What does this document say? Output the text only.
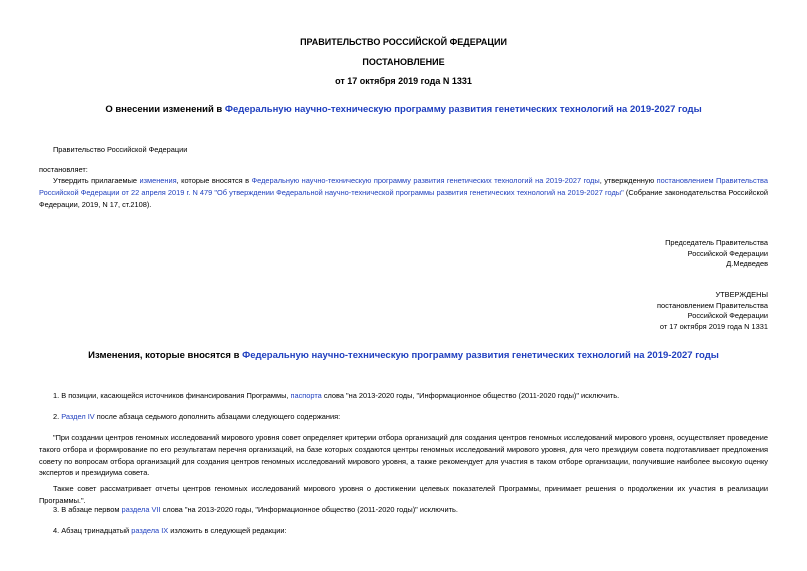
ПРАВИТЕЛЬСТВО РОССИЙСКОЙ ФЕДЕРАЦИИ
ПОСТАНОВЛЕНИЕ
от 17 октября 2019 года N 1331
О внесении изменений в Федеральную научно-техническую программу развития генетических технологий на 2019-2027 годы
Правительство Российской Федерации
постановляет:
Утвердить прилагаемые изменения, которые вносятся в Федеральную научно-техническую программу развития генетических технологий на 2019-2027 годы, утвержденную постановлением Правительства Российской Федерации от 22 апреля 2019 г. N 479 "Об утверждении Федеральной научно-технической программы развития генетических технологий на 2019-2027 годы" (Собрание законодательства Российской Федерации, 2019, N 17, ст.2108).
Председатель Правительства
Российской Федерации
Д.Медведев
УТВЕРЖДЕНЫ
постановлением Правительства
Российской Федерации
от 17 октября 2019 года N 1331
Изменения, которые вносятся в Федеральную научно-техническую программу развития генетических технологий на 2019-2027 годы
1. В позиции, касающейся источников финансирования Программы, паспорта слова "на 2013-2020 годы, "Информационное общество (2011-2020 годы)" исключить.
2. Раздел IV после абзаца седьмого дополнить абзацами следующего содержания:
"При создании центров геномных исследований мирового уровня совет определяет критерии отбора организаций для создания центров геномных исследований мирового уровня, осуществляет проведение такого отбора и формирование по его результатам перечня организаций, на базе которых создаются центры геномных исследований мирового уровня, для чего президиум совета подготавливает предложения совету по вопросам отбора организаций для создания центров геномных исследований мирового уровня, а также рекомендует для участия в таком отборе организации, получившие наиболее высокую оценку экспертов и президиума совета.
Также совет рассматривает отчеты центров геномных исследований мирового уровня о достижении целевых показателей Программы, принимает решения о продолжении их участия в реализации Программы.".
3. В абзаце первом раздела VII слова "на 2013-2020 годы, "Информационное общество (2011-2020 годы)" исключить.
4. Абзац тринадцатый раздела IX изложить в следующей редакции:
